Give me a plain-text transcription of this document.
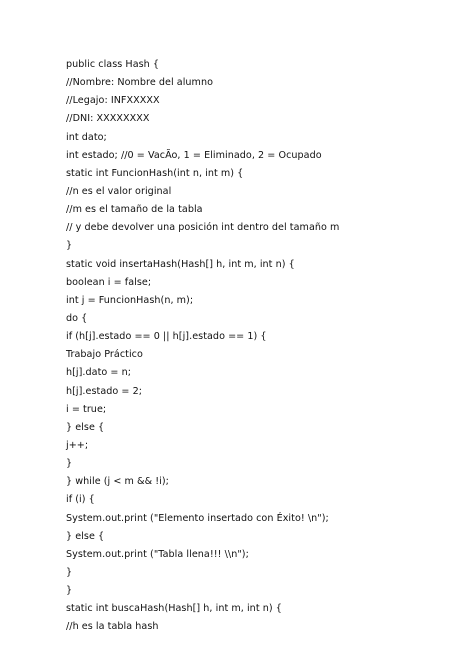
public class Hash {
//Nombre: Nombre del alumno
//Legajo: INFXXXXX
//DNI: XXXXXXXX
int dato;
int estado; //0 = VacÃo, 1 = Eliminado, 2 = Ocupado
static int FuncionHash(int n, int m) {
//n es el valor original
//m es el tamaño de la tabla
// y debe devolver una posición int dentro del tamaño m
}
static void insertaHash(Hash[] h, int m, int n) {
boolean i = false;
int j = FuncionHash(n, m);
do {
if (h[j].estado == 0 || h[j].estado == 1) {
Trabajo Práctico
h[j].dato = n;
h[j].estado = 2;
i = true;
} else {
j++;
}
} while (j < m && !i);
if (i) {
System.out.print ("Elemento insertado con Éxito! \n");
} else {
System.out.print ("Tabla llena!!! \\n");
}
}
static int buscaHash(Hash[] h, int m, int n) {
//h es la tabla hash
